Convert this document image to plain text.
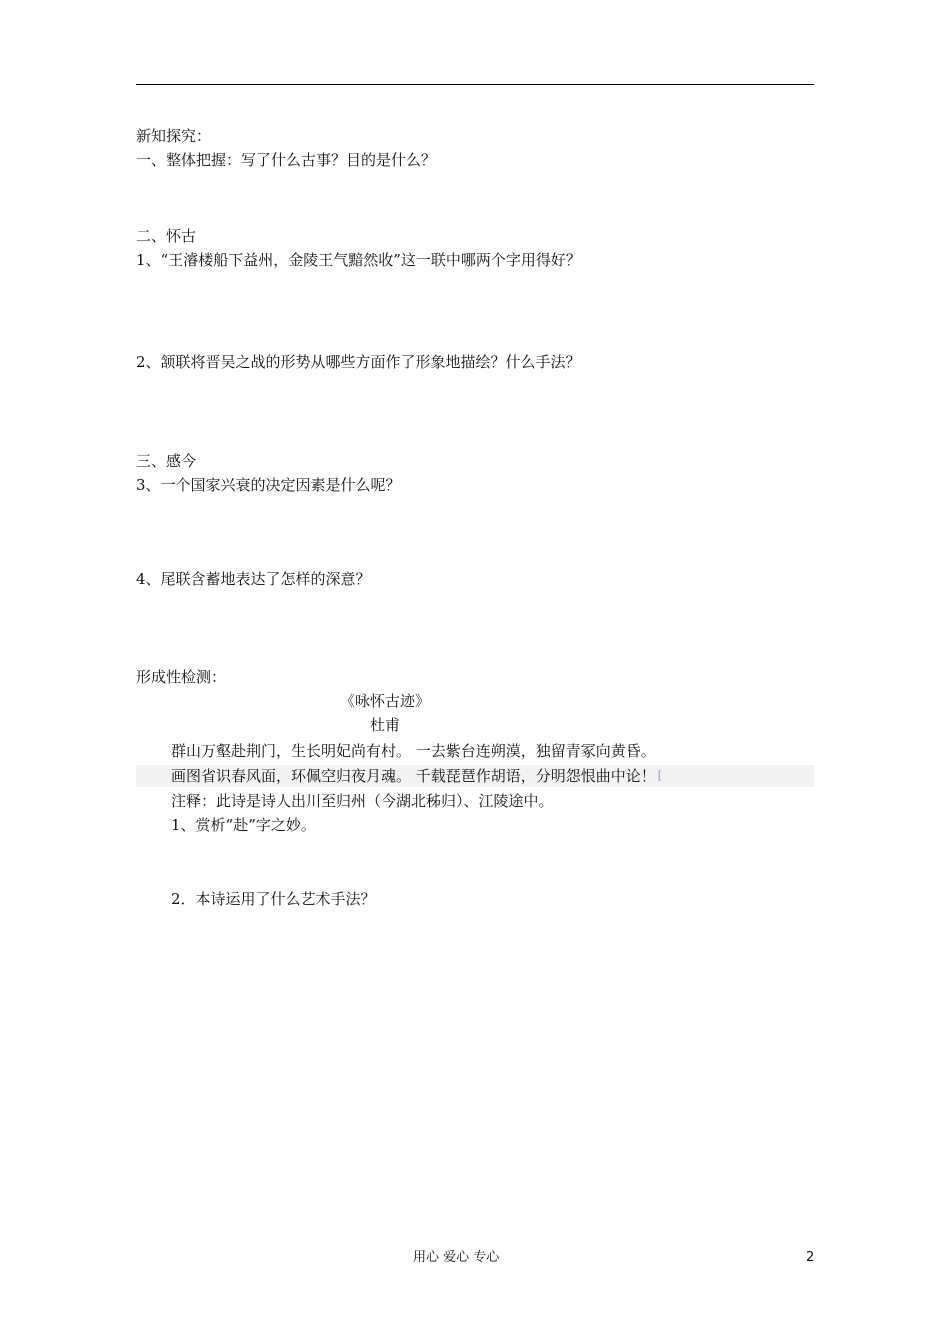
新知探究：
一、整体把握：写了什么古事？目的是什么？
二、怀古
1、“王濬楼船下益州，金陵王气黯然收”这一联中哪两个字用得好？
2、颔联将晋吴之战的形势从哪些方面作了形象地描绘？什么手法？
三、感今
3、一个国家兴衰的决定因素是什么呢？
4、尾联含蓄地表达了怎样的深意？
形成性检测：
《咏怀古迹》
杜甫
群山万壑赴荆门，生长明妃尚有村。 一去紫台连朔漠，独留青冢向黄昏。
画图省识春风面，环佩空归夜月魂。 千载琵琶作胡语，分明怨恨曲中论！ [
注释：此诗是诗人出川至归州（今湖北秭归）、江陵途中。
1、赏析“赴”字之妙。
2．本诗运用了什么艺术手法？
用心 爱心 专心	2
